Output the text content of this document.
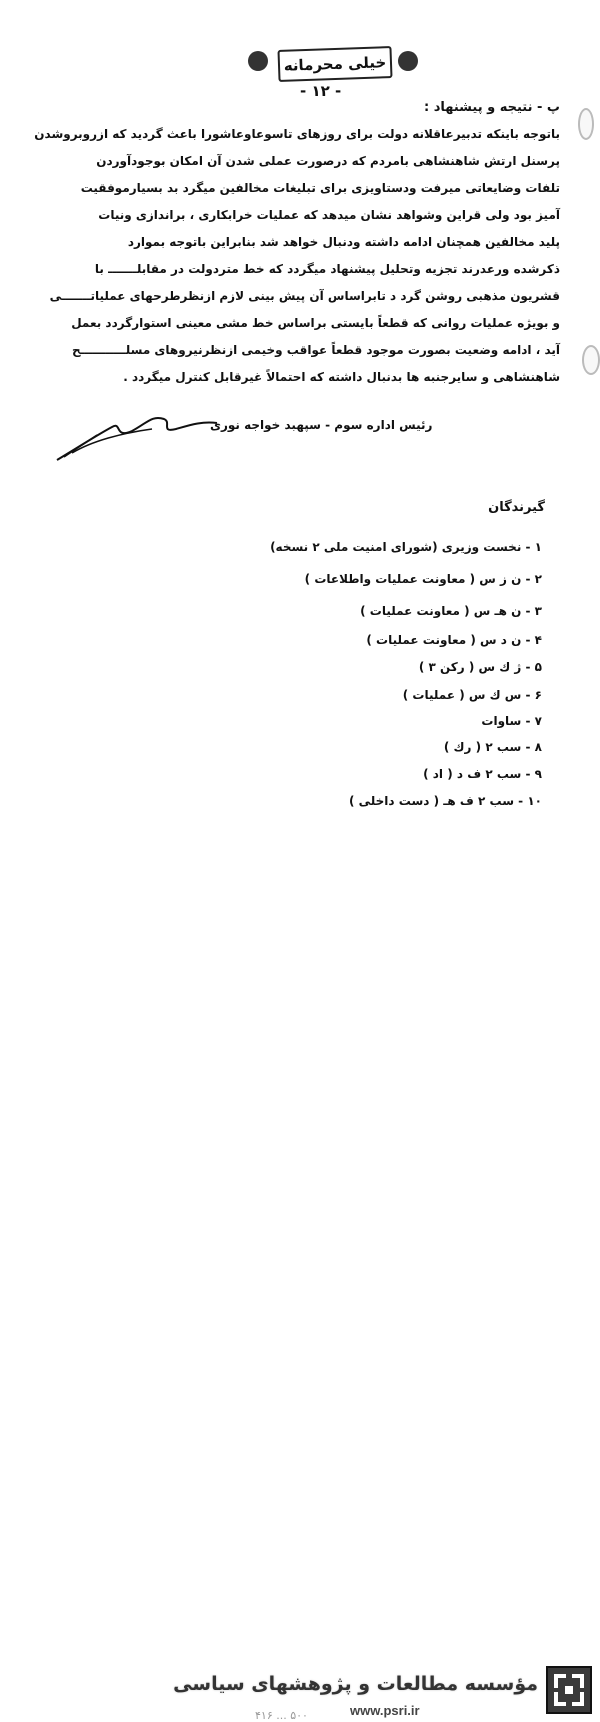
خیلی محرمانه
- ۱۲ -
پ - نتیجه و پیشنهاد :
باتوجه باینکه تدبیرعاقلانه دولت برای روزهای تاسوعاوعاشورا باعث گردید که ازروبروشدن
پرسنل ارتش شاهنشاهی بامردم که درصورت عملی شدن آن امکان بوجودآوردن
تلفات وضایعاتی میرفت ودستاویزی برای تبلیغات مخالفین میگرد بد بسیارموفقیت
آمیز بود ولی قراین وشواهد نشان میدهد که عملیات خرابکاری ، براندازی ونیات
پلید مخالفین همچنان ادامه داشته ودنبال خواهد شد بنابراین باتوجه بموارد
ذکرشده ورعدرند تجزیه وتحلیل پیشنهاد میگردد که خط متردولت در مقابلـــــــ با
قشریون مذهبی روشن گرد د تابراساس آن پیش بینی لازم ازنظرطرحهای عملیاتـــــــی
و بویژه عملیات روانی که قطعاً بایستی براساس خط مشی معینی استوارگردد بعمل
آید ، ادامه وضعیت بصورت موجود قطعاً عواقب وخیمی ازنظرنیروهای مسلـــــــــــح
شاهنشاهی و سایرجنبه ها بدنبال داشته که احتمالاً غیرقابل کنترل میگردد .
رئیس اداره سوم - سپهبد خواجه نوری
گیرندگان
۱ - نخست وزیری (شورای امنیت ملی ۲ نسخه)
۲ - ن ز س ( معاونت عملیات واطلاعات )
۳ - ن هـ س ( معاونت عملیات )
۴ - ن د س ( معاونت عملیات )
۵ - ژ ك س ( ركن ۳ )
۶ - س ك س ( عملیات )
۷ - ساوات
۸ - سب ۲ ( رك )
۹ - سب ۲ ف د ( اد )
۱۰ - سب ۲ ف هـ ( دست داخلی )
مؤسسه مطالعات و پژوهشهای سیاسی
www.psri.ir
۴۱۶ ... ۵۰۰
